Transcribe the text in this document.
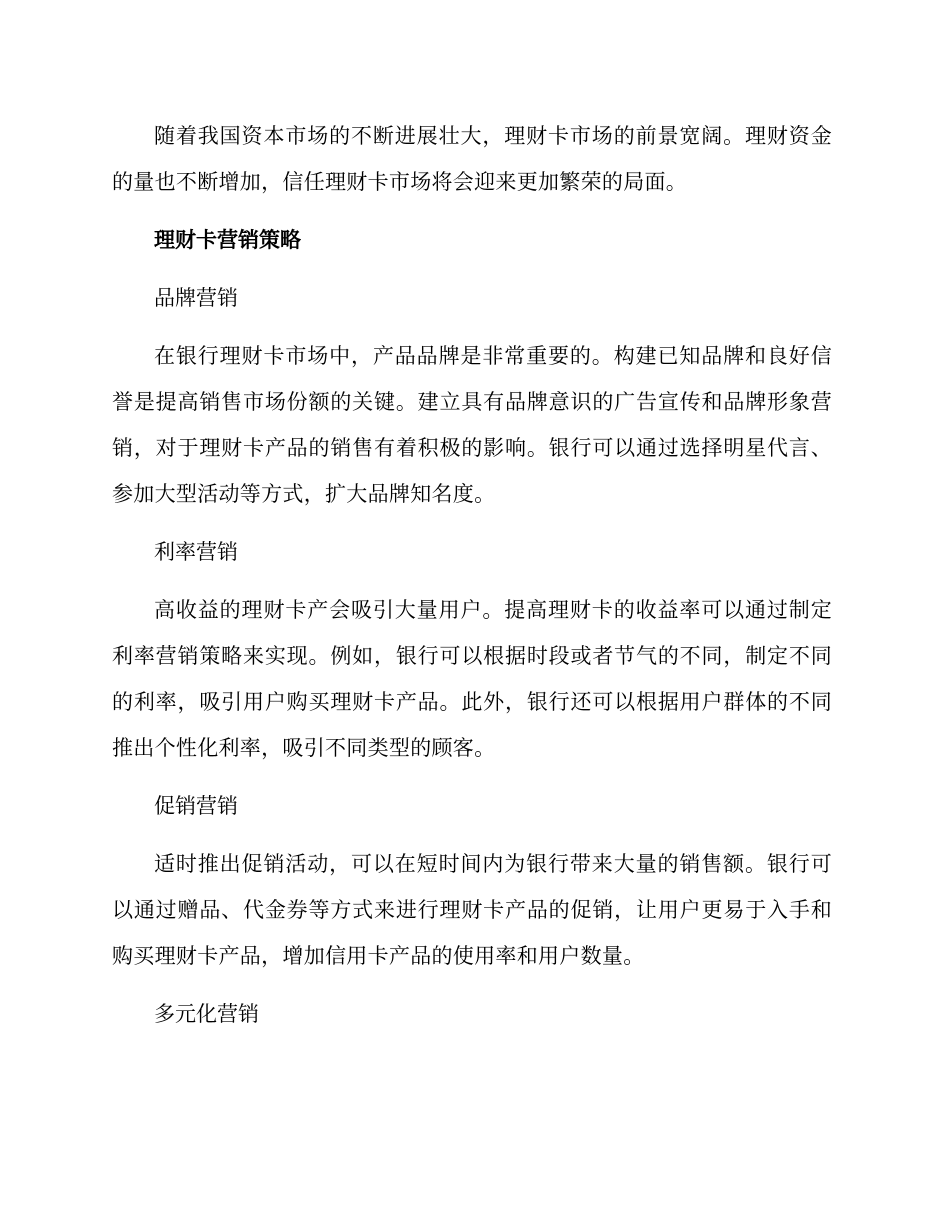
随着我国资本市场的不断进展壮大，理财卡市场的前景宽阔。理财资金的量也不断增加，信任理财卡市场将会迎来更加繁荣的局面。

理财卡营销策略

品牌营销

在银行理财卡市场中，产品品牌是非常重要的。构建已知品牌和良好信誉是提高销售市场份额的关键。建立具有品牌意识的广告宣传和品牌形象营销，对于理财卡产品的销售有着积极的影响。银行可以通过选择明星代言、参加大型活动等方式，扩大品牌知名度。

利率营销

高收益的理财卡产会吸引大量用户。提高理财卡的收益率可以通过制定利率营销策略来实现。例如，银行可以根据时段或者节气的不同，制定不同的利率，吸引用户购买理财卡产品。此外，银行还可以根据用户群体的不同推出个性化利率，吸引不同类型的顾客。

促销营销

适时推出促销活动，可以在短时间内为银行带来大量的销售额。银行可以通过赠品、代金券等方式来进行理财卡产品的促销，让用户更易于入手和购买理财卡产品，增加信用卡产品的使用率和用户数量。

多元化营销
